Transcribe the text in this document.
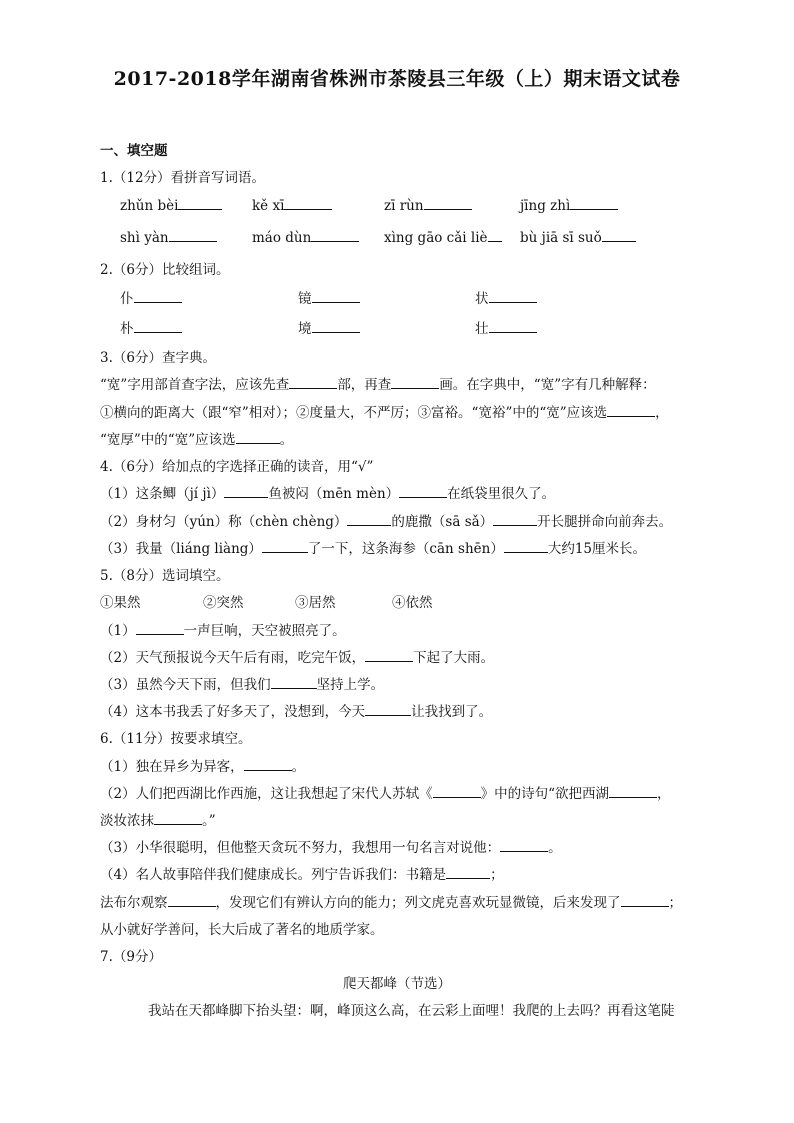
2017-2018学年湖南省株洲市茶陵县三年级（上）期末语文试卷
一、填空题
1.（12分）看拼音写词语。
zhǔn bèi	kě xī	zī rùn	jīng zhì
shì yàn	máo dùn	xìng gāo cǎi liè	bù jiā sī suǒ
2.（6分）比较组词。
仆	镜	状
朴	境	壮
3.（6分）查字典。
“宽”字用部首查字法，应该先查	部，再查	画。在字典中，“宽”字有几种解释：
①横向的距离大（跟“窄”相对）；②度量大，不严厉；③富裕。“宽裕”中的“宽”应该选	，
“宽厚”中的“宽”应该选	。
4.（6分）给加点的字选择正确的读音，用“√”
（1）这条鲫（jí jì）	鱼被闷（mēn mèn）	在纸袋里很久了。
（2）身材匀（yún）称（chèn chèng）	的鹿撒（sā sǎ）	开长腿拼命向前奔去。
（3）我量（liáng liàng）	了一下，这条海参（cān shēn）	大约15厘米长。
5.（8分）选词填空。
①果然	②突然	③居然	④依然
（1）	一声巨响，天空被照亮了。
（2）天气预报说今天午后有雨，吃完午饭，	下起了大雨。
（3）虽然今天下雨，但我们	坚持上学。
（4）这本书我丢了好多天了，没想到，今天	让我找到了。
6.（11分）按要求填空。
（1）独在异乡为异客，	。
（2）人们把西湖比作西施，这让我想起了宋代人苏轼《	》中的诗句“欲把西湖	，
淡妆浓抹	。”
（3）小华很聪明，但他整天贪玩不努力，我想用一句名言对说他：	。
（4）名人故事陪伴我们健康成长。列宁告诉我们：书籍是	；
法布尔观察	，发现它们有辨认方向的能力；列文虎克喜欢玩显微镜，后来发现了	；
从小就好学善问，长大后成了著名的地质学家。
7.（9分）
爬天都峰（节选）
我站在天都峰脚下抬头望：啊，峰顶这么高，在云彩上面哩！我爬的上去吗？再看这笔陡
